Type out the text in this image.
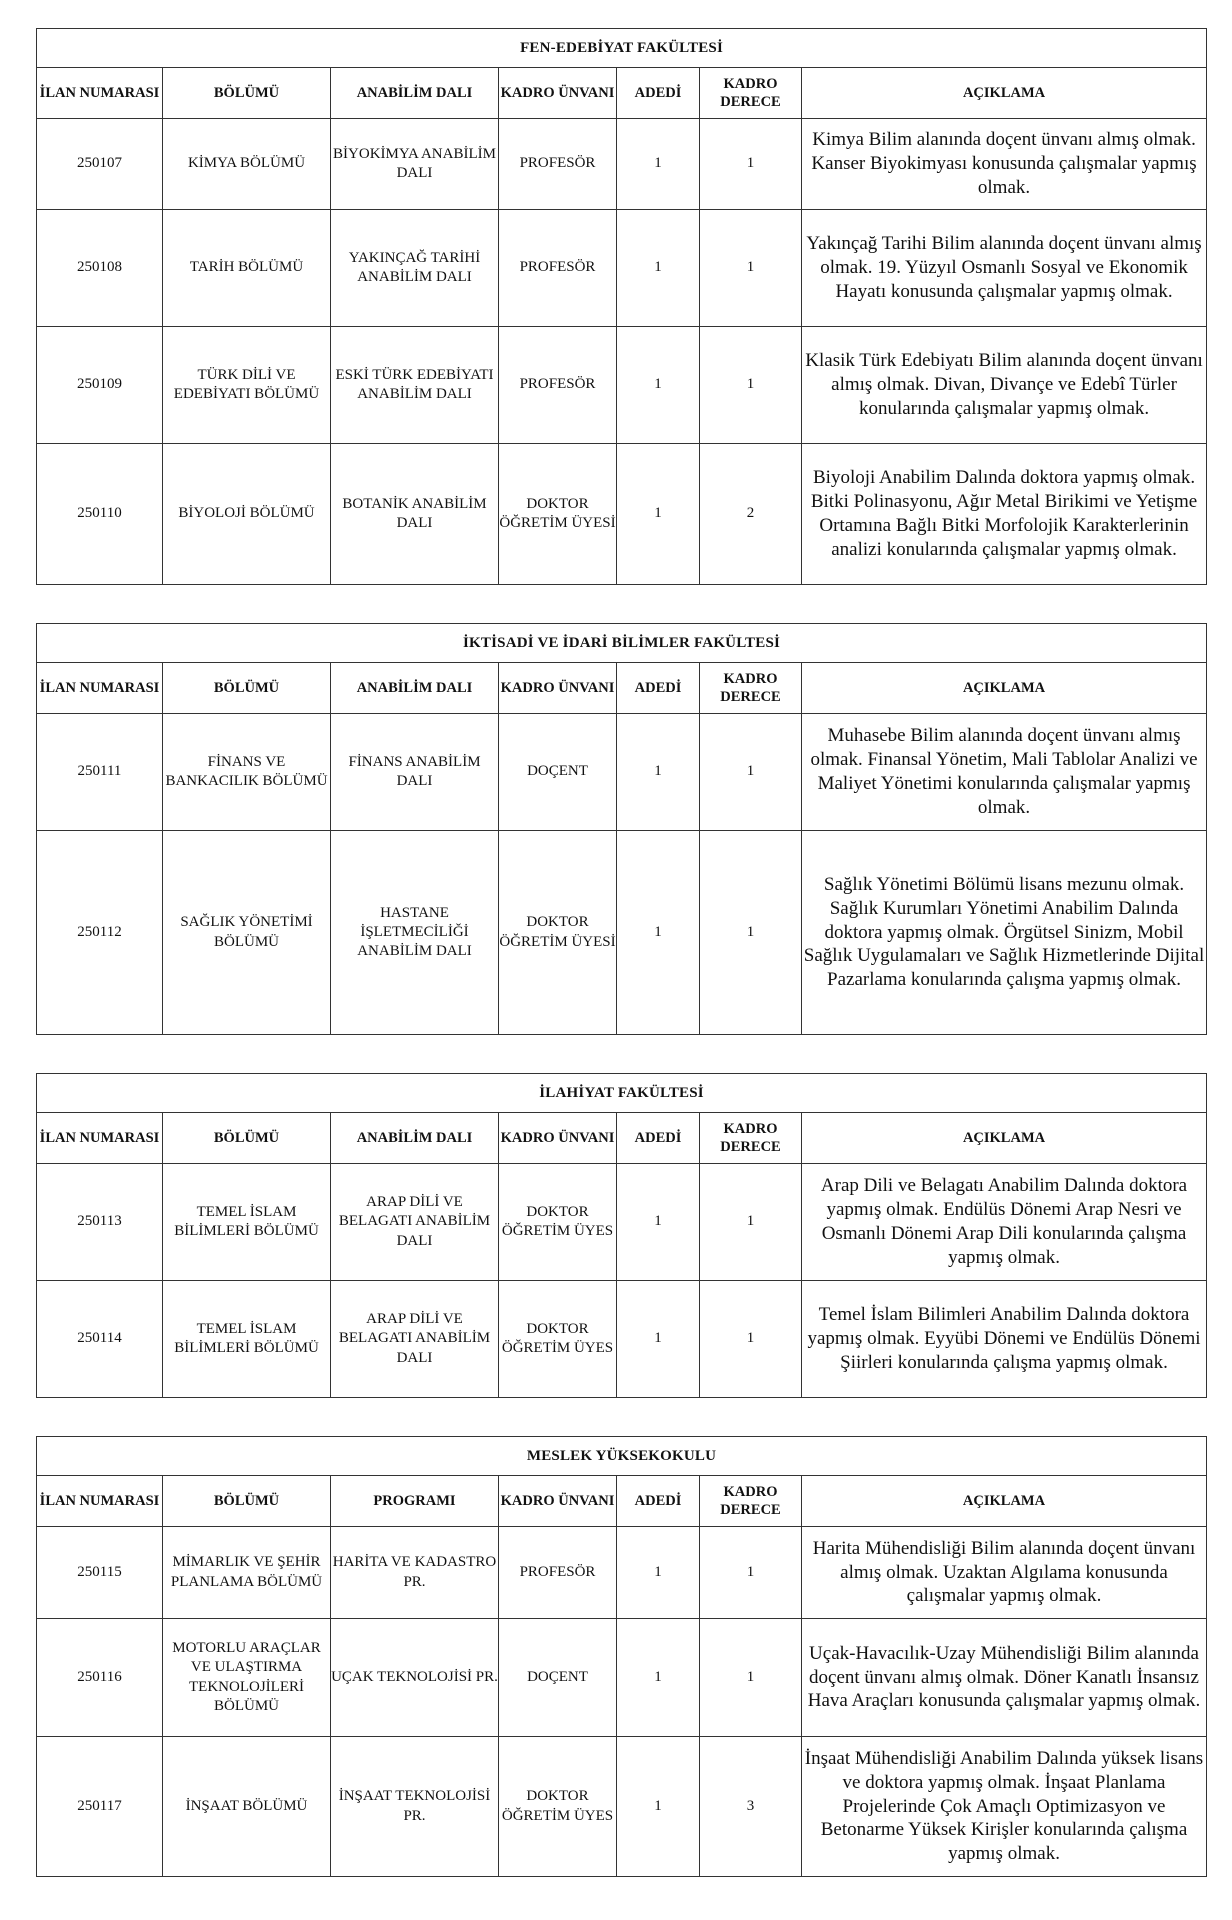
FEN-EDEBİYAT FAKÜLTESİ						
İLAN NUMARASI	BÖLÜMÜ	ANABİLİM DALI	KADRO ÜNVANI	ADEDİ	KADRO DERECE	AÇIKLAMA
250107	KİMYA BÖLÜMÜ	BİYOKİMYA ANABİLİM DALI	PROFESÖR	1	1	Kimya Bilim alanında doçent ünvanı almış olmak. Kanser Biyokimyası konusunda çalışmalar yapmış olmak.
250108	TARİH BÖLÜMÜ	YAKINÇAĞ TARİHİ ANABİLİM DALI	PROFESÖR	1	1	Yakınçağ Tarihi Bilim alanında doçent ünvanı almış olmak. 19. Yüzyıl Osmanlı Sosyal ve Ekonomik Hayatı konusunda çalışmalar yapmış olmak.
250109	TÜRK DİLİ VE EDEBİYATI BÖLÜMÜ	ESKİ TÜRK EDEBİYATI ANABİLİM DALI	PROFESÖR	1	1	Klasik Türk Edebiyatı Bilim alanında doçent ünvanı almış olmak. Divan, Divançe ve Edebî Türler konularında çalışmalar yapmış olmak.
250110	BİYOLOJİ BÖLÜMÜ	BOTANİK ANABİLİM DALI	DOKTOR ÖĞRETİM ÜYESİ	1	2	Biyoloji Anabilim Dalında doktora yapmış olmak. Bitki Polinasyonu, Ağır Metal Birikimi ve Yetişme Ortamına Bağlı Bitki Morfolojik Karakterlerinin analizi konularında çalışmalar yapmış olmak.
İKTİSADİ VE İDARİ BİLİMLER FAKÜLTESİ						
İLAN NUMARASI	BÖLÜMÜ	ANABİLİM DALI	KADRO ÜNVANI	ADEDİ	KADRO DERECE	AÇIKLAMA
250111	FİNANS VE BANKACILIK BÖLÜMÜ	FİNANS ANABİLİM DALI	DOÇENT	1	1	Muhasebe Bilim alanında doçent ünvanı almış olmak. Finansal Yönetim, Mali Tablolar Analizi ve Maliyet Yönetimi konularında çalışmalar yapmış olmak.
250112	SAĞLIK YÖNETİMİ BÖLÜMÜ	HASTANE İŞLETMECİLİĞİ ANABİLİM DALI	DOKTOR ÖĞRETİM ÜYESİ	1	1	Sağlık Yönetimi Bölümü lisans mezunu olmak. Sağlık Kurumları Yönetimi Anabilim Dalında doktora yapmış olmak. Örgütsel Sinizm, Mobil Sağlık Uygulamaları ve Sağlık Hizmetlerinde Dijital Pazarlama konularında çalışma yapmış olmak.
İLAHİYAT FAKÜLTESİ						
İLAN NUMARASI	BÖLÜMÜ	ANABİLİM DALI	KADRO ÜNVANI	ADEDİ	KADRO DERECE	AÇIKLAMA
250113	TEMEL İSLAM BİLİMLERİ BÖLÜMÜ	ARAP DİLİ VE BELAGATI ANABİLİM DALI	DOKTOR ÖĞRETİM ÜYES	1	1	Arap Dili ve Belagatı Anabilim Dalında doktora yapmış olmak. Endülüs Dönemi Arap Nesri ve Osmanlı Dönemi Arap Dili konularında çalışma yapmış olmak.
250114	TEMEL İSLAM BİLİMLERİ BÖLÜMÜ	ARAP DİLİ VE BELAGATI ANABİLİM DALI	DOKTOR ÖĞRETİM ÜYES	1	1	Temel İslam Bilimleri Anabilim Dalında doktora yapmış olmak. Eyyübi Dönemi ve Endülüs Dönemi Şiirleri konularında çalışma yapmış olmak.
MESLEK YÜKSEKOKULU						
İLAN NUMARASI	BÖLÜMÜ	PROGRAMI	KADRO ÜNVANI	ADEDİ	KADRO DERECE	AÇIKLAMA
250115	MİMARLIK VE ŞEHİR PLANLAMA BÖLÜMÜ	HARİTA VE KADASTRO PR.	PROFESÖR	1	1	Harita Mühendisliği Bilim alanında doçent ünvanı almış olmak. Uzaktan Algılama konusunda çalışmalar yapmış olmak.
250116	MOTORLU ARAÇLAR VE ULAŞTIRMA TEKNOLOJİLERİ BÖLÜMÜ	UÇAK TEKNOLOJİSİ PR.	DOÇENT	1	1	Uçak-Havacılık-Uzay Mühendisliği Bilim alanında doçent ünvanı almış olmak. Döner Kanatlı İnsansız Hava Araçları konusunda çalışmalar yapmış olmak.
250117	İNŞAAT BÖLÜMÜ	İNŞAAT TEKNOLOJİSİ PR.	DOKTOR ÖĞRETİM ÜYES	1	3	İnşaat Mühendisliği Anabilim Dalında yüksek lisans ve doktora yapmış olmak. İnşaat Planlama Projelerinde Çok Amaçlı Optimizasyon ve Betonarme Yüksek Kirişler konularında çalışma yapmış olmak.
